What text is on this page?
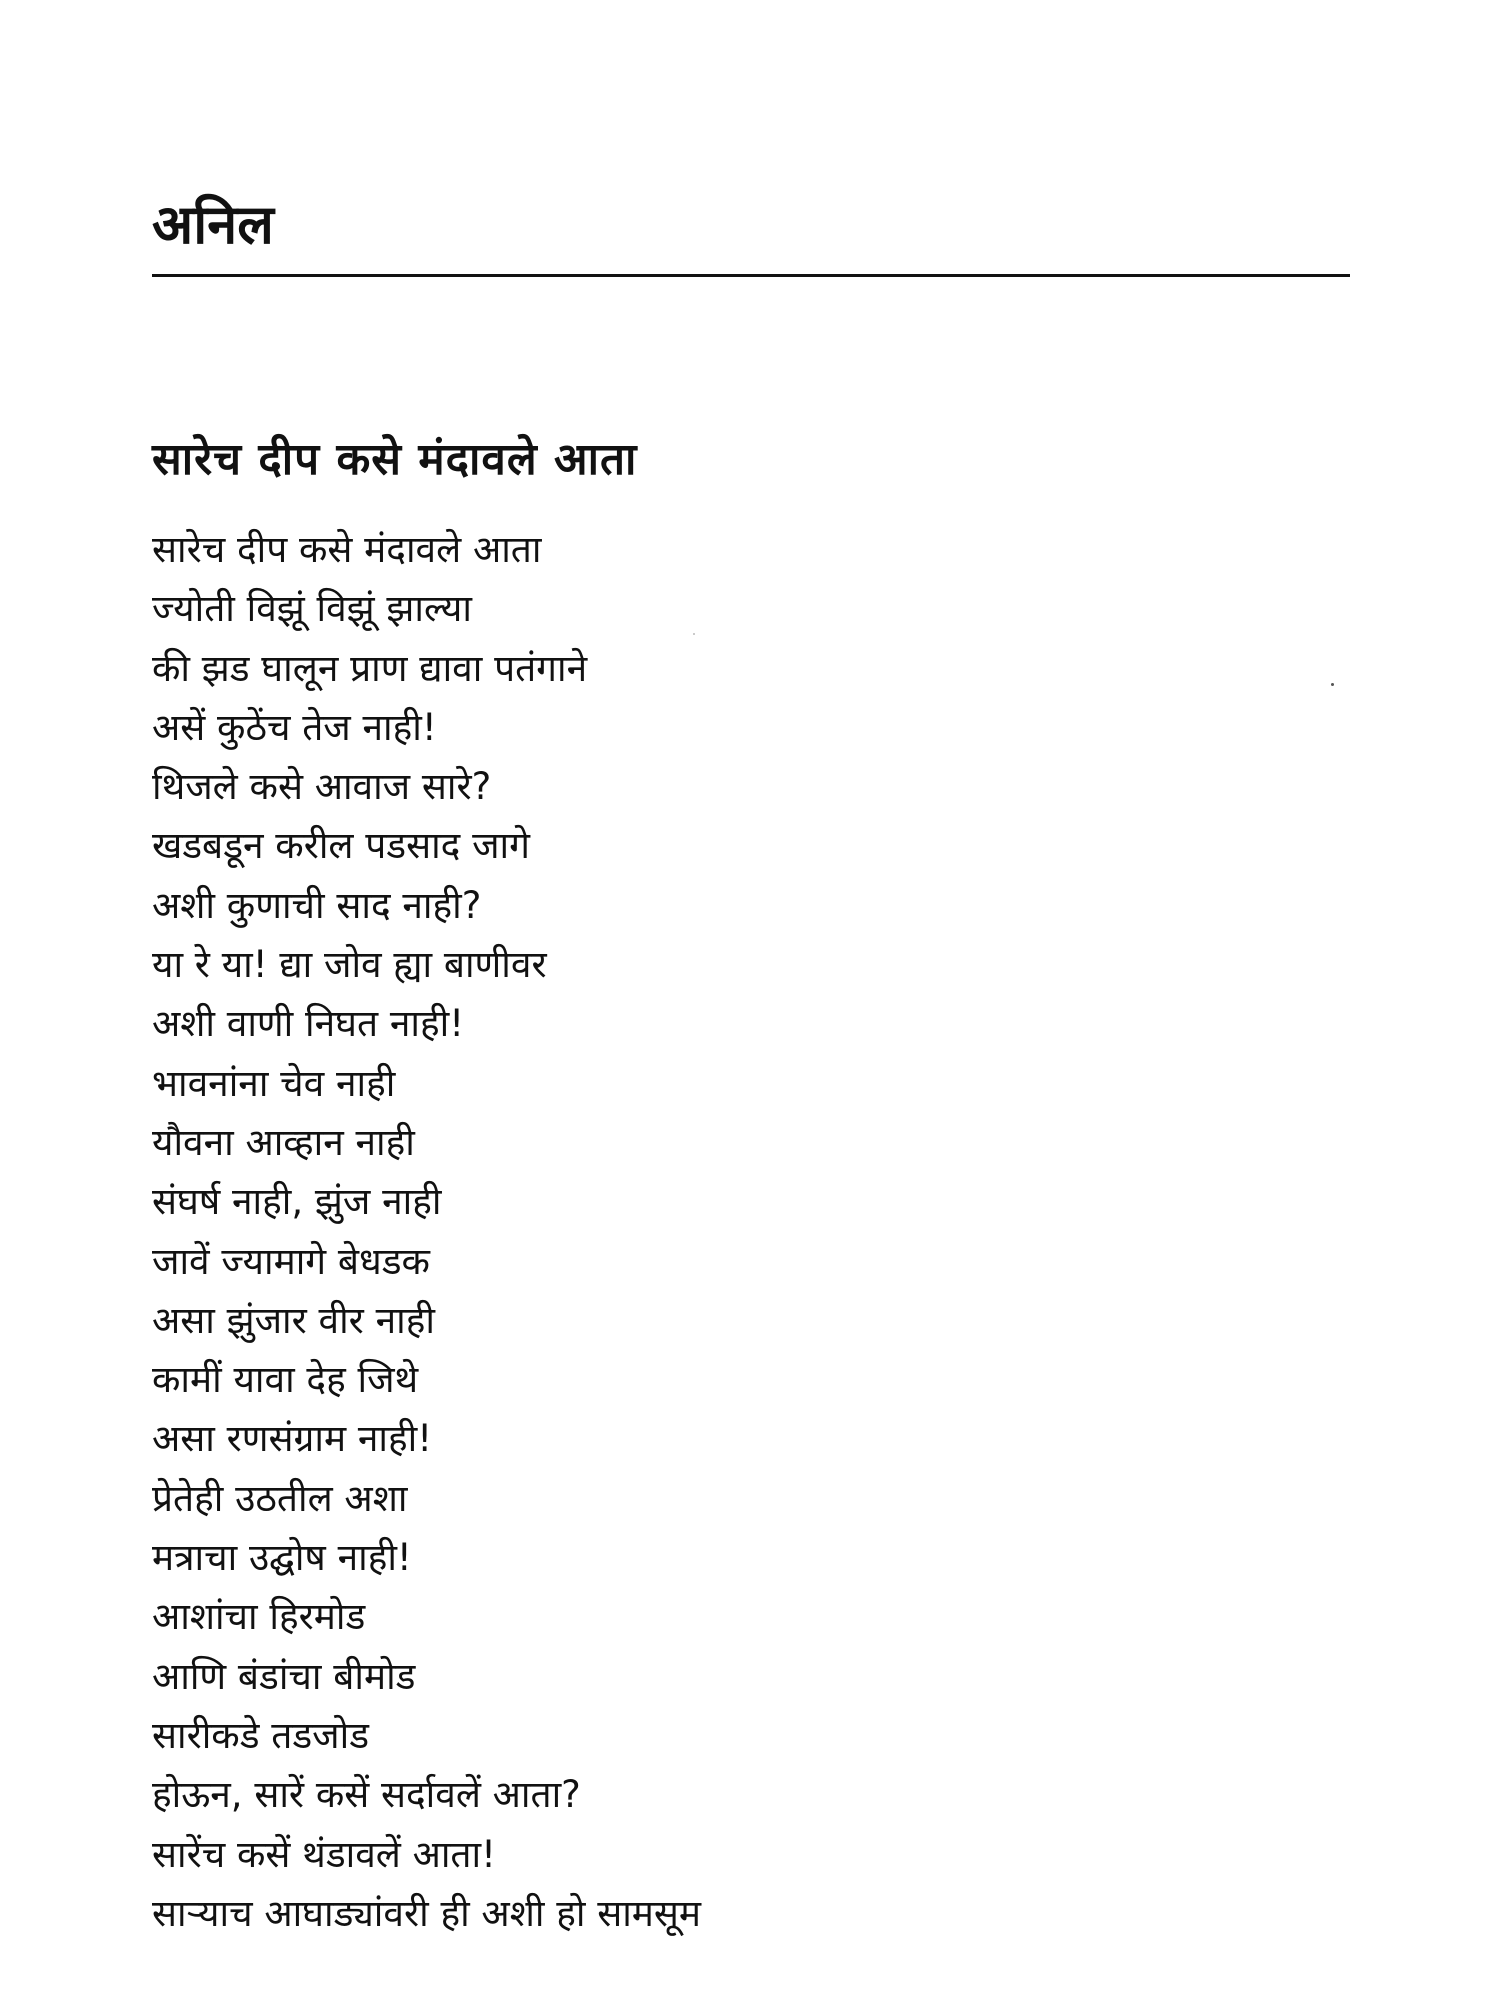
अनिल
सारेच दीप कसे मंदावले आता
सारेच दीप कसे मंदावले आता
ज्योती विझूं विझूं झाल्या
की झड घालून प्राण द्यावा पतंगाने
असें कुठेंच तेज नाही!
थिजले कसे आवाज सारे?
खडबडून करील पडसाद जागे
अशी कुणाची साद नाही?
या रे या! द्या जोव ह्या बाणीवर
अशी वाणी निघत नाही!
भावनांना चेव नाही
यौवना आव्हान नाही
संघर्ष नाही, झुंज नाही
जावें ज्यामागे बेधडक
असा झुंजार वीर नाही
कामीं यावा देह जिथे
असा रणसंग्राम नाही!
प्रेतेही उठतील अशा
मत्राचा उद्घोष नाही!
आशांचा हिरमोड
आणि बंडांचा बीमोड
सारीकडे तडजोड
होऊन, सारें कसें सर्दावलें आता?
सारेंच कसें थंडावलें आता!
साऱ्याच आघाड्यांवरी ही अशी हो सामसूम
